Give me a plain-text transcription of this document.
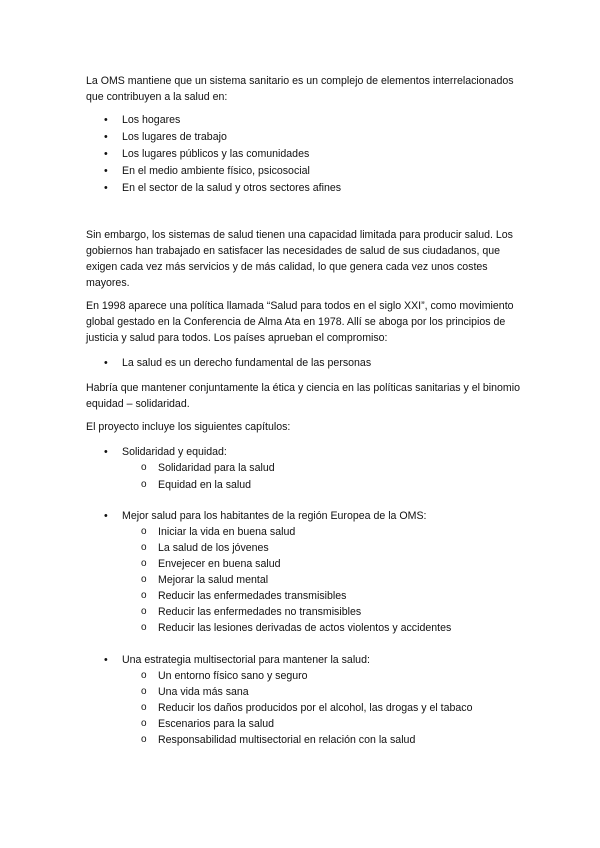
La OMS mantiene que un sistema sanitario es un complejo de elementos interrelacionados que contribuyen a la salud en:

• Los hogares
• Los lugares de trabajo
• Los lugares públicos y las comunidades
• En el medio ambiente físico, psicosocial
• En el sector de la salud y otros sectores afines

Sin embargo, los sistemas de salud tienen una capacidad limitada para producir salud. Los gobiernos han trabajado en satisfacer las necesidades de salud de sus ciudadanos, que exigen cada vez más servicios y de más calidad, lo que genera cada vez unos costes mayores.

En 1998 aparece una política llamada “Salud para todos en el siglo XXI”, como movimiento global gestado en la Conferencia de Alma Ata en 1978. Allí se aboga por los principios de justicia y salud para todos. Los países aprueban el compromiso:

• La salud es un derecho fundamental de las personas

Habría que mantener conjuntamente la ética y ciencia en las políticas sanitarias y el binomio equidad – solidaridad.

El proyecto incluye los siguientes capítulos:

• Solidaridad y equidad:
o Solidaridad para la salud
o Equidad en la salud
• Mejor salud para los habitantes de la región Europea de la OMS:
o Iniciar la vida en buena salud
o La salud de los jóvenes
o Envejecer en buena salud
o Mejorar la salud mental
o Reducir las enfermedades transmisibles
o Reducir las enfermedades no transmisibles
o Reducir las lesiones derivadas de actos violentos y accidentes
• Una estrategia multisectorial para mantener la salud:
o Un entorno físico sano y seguro
o Una vida más sana
o Reducir los daños producidos por el alcohol, las drogas y el tabaco
o Escenarios para la salud
o Responsabilidad multisectorial en relación con la salud
